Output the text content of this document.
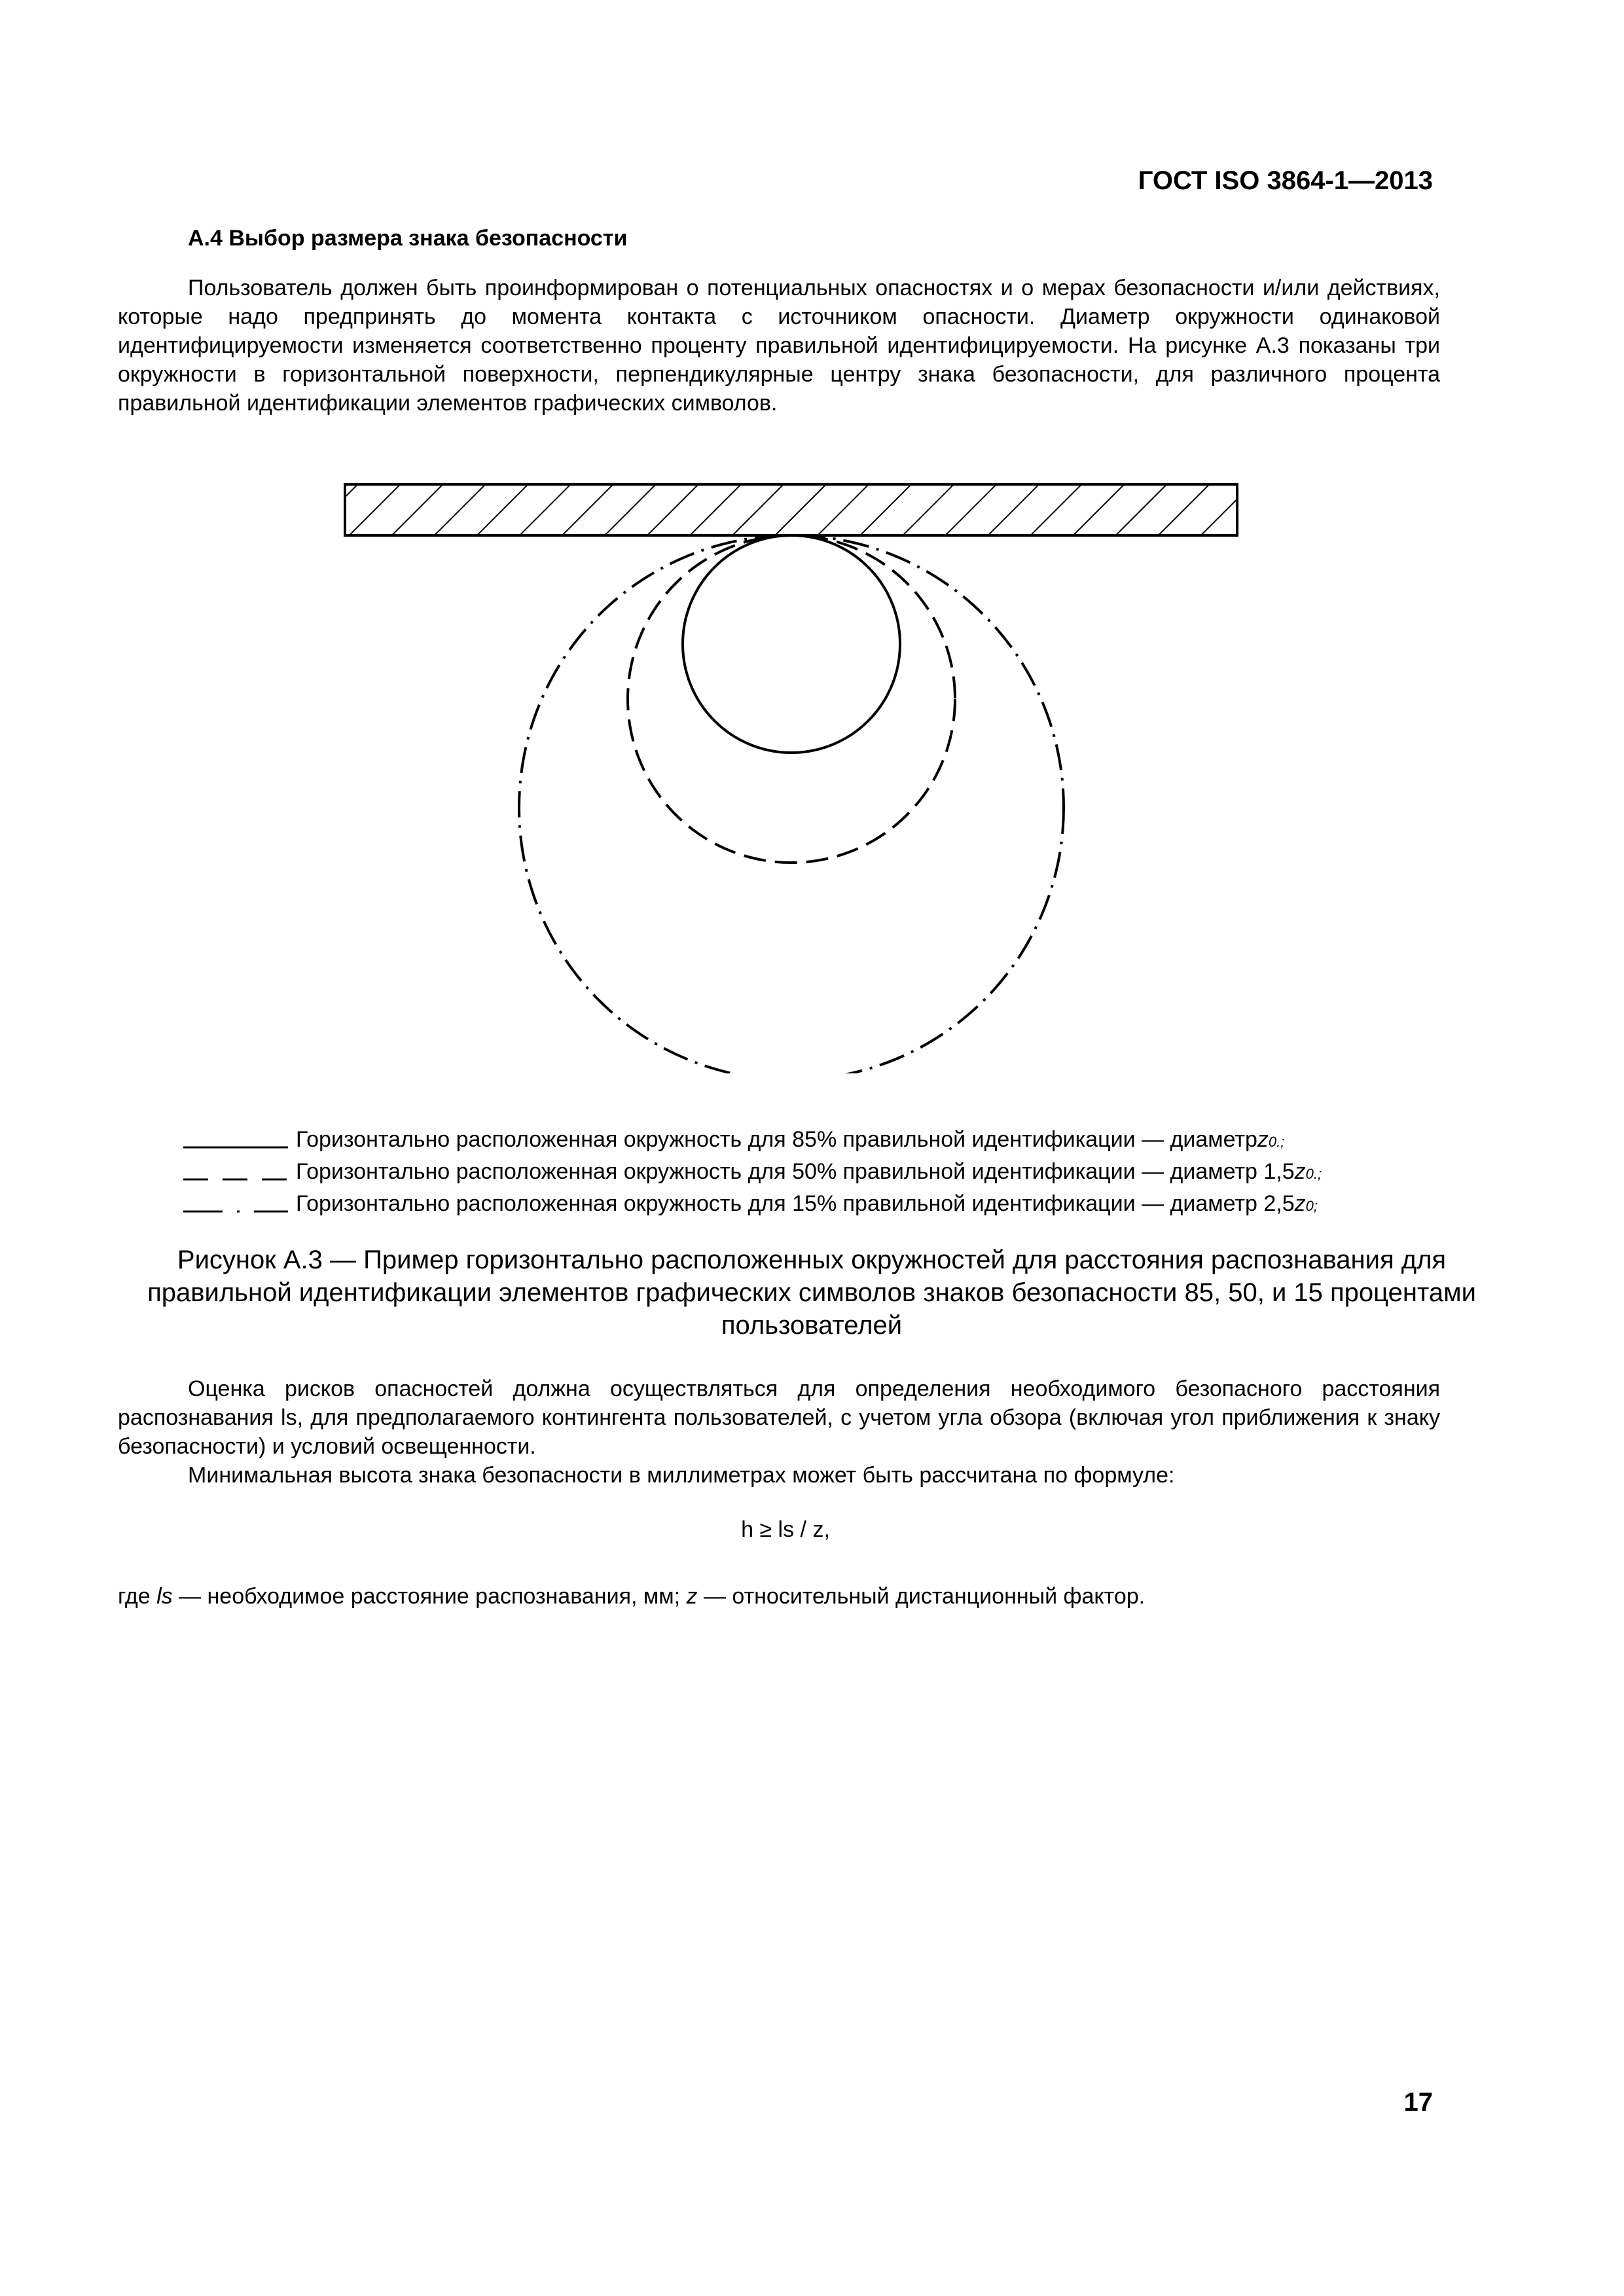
ГОСТ ISO 3864-1—2013
А.4 Выбор размера знака безопасности
Пользователь должен быть проинформирован о потенциальных опасностях и о мерах безопасности и/или действиях, которые надо предпринять до момента контакта с источником опасности. Диаметр окружности одинаковой идентифицируемости изменяется соответственно проценту правильной идентифицируемости. На рисунке А.3 показаны три окружности в горизонтальной поверхности, перпендикулярные центру знака безопасности, для различного процента правильной идентификации элементов графических символов.
Горизонтально расположенная окружность для 85% правильной идентификации — диаметр z 0.;
Горизонтально расположенная окружность для 50% правильной идентификации — диаметр 1,5 z 0.;
Горизонтально расположенная окружность для 15% правильной идентификации — диаметр 2,5 z 0;
Рисунок А.3 — Пример горизонтально расположенных окружностей для расстояния распознавания для правильной идентификации элементов графических символов знаков безопасности 85, 50, и 15 процентами пользователей
Оценка рисков опасностей должна осуществляться для определения необходимого безопасного расстояния распознавания ls, для предполагаемого контингента пользователей, с учетом угла обзора (включая угол приближения к знаку безопасности) и условий освещенности.
Минимальная высота знака безопасности в миллиметрах может быть рассчитана по формуле:
h ≥ ls / z,
где ls — необходимое расстояние распознавания, мм; z — относительный дистанционный фактор.
17
